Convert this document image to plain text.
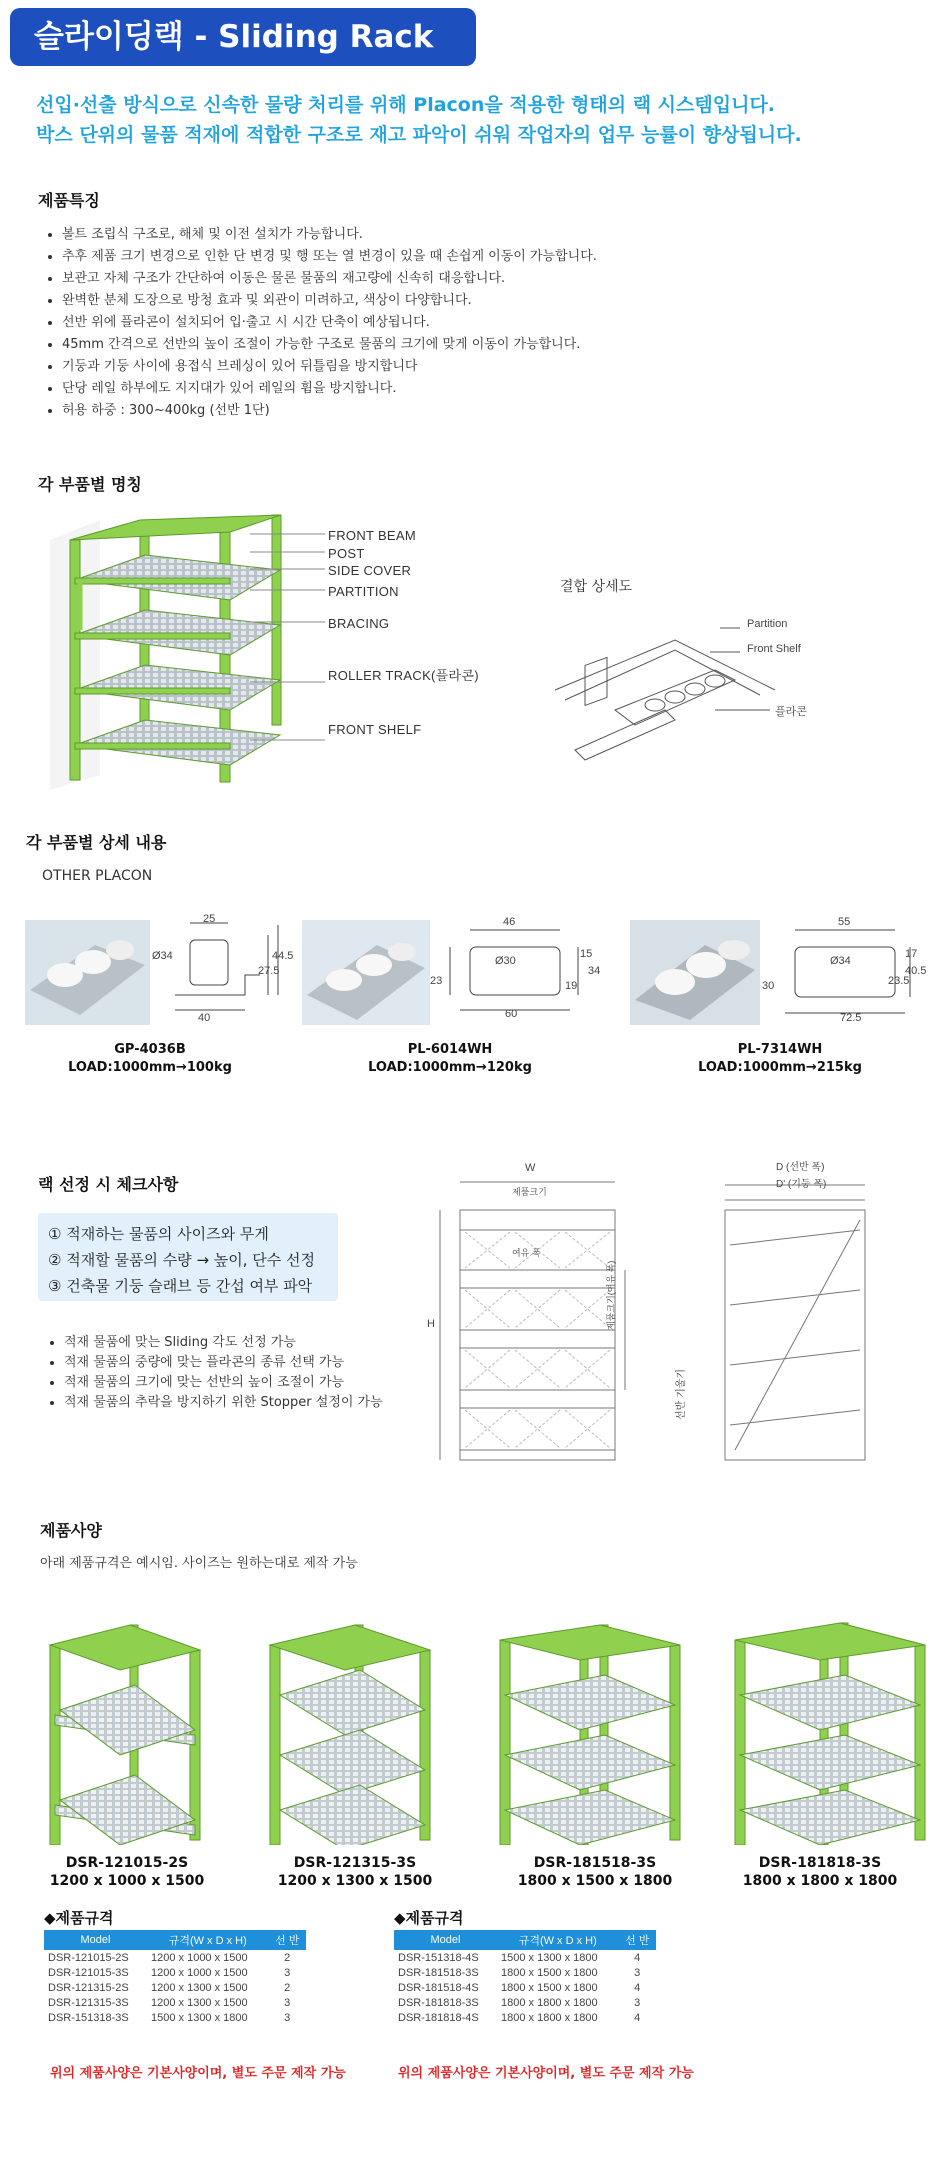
슬라이딩랙 - Sliding Rack
선입·선출 방식으로 신속한 물량 처리를 위해 Placon을 적용한 형태의 랙 시스템입니다.
박스 단위의 물품 적재에 적합한 구조로 재고 파악이 쉬워 작업자의 업무 능률이 향상됩니다.
제품특징
• 볼트 조립식 구조로, 해체 및 이전 설치가 가능합니다.
• 추후 제품 크기 변경으로 인한 단 변경 및 행 또는 열 변경이 있을 때 손쉽게 이동이 가능합니다.
• 보관고 자체 구조가 간단하여 이동은 물론 물품의 재고량에 신속히 대응합니다.
• 완벽한 분체 도장으로 방청 효과 및 외관이 미려하고, 색상이 다양합니다.
• 선반 위에 플라콘이 설치되어 입·출고 시 시간 단축이 예상됩니다.
• 45mm 간격으로 선반의 높이 조절이 가능한 구조로 물품의 크기에 맞게 이동이 가능합니다.
• 기둥과 기둥 사이에 용접식 브레싱이 있어 뒤틀림을 방지합니다
• 단당 레일 하부에도 지지대가 있어 레일의 휨을 방지합니다.
• 허용 하중 : 300~400kg (선반 1단)
각 부품별 명칭
FRONT BEAM
POST
SIDE COVER
PARTITION
BRACING
ROLLER TRACK(플라콘)
FRONT SHELF
결합 상세도
Partition
Front Shelf
플라콘
각 부품별 상세 내용
OTHER PLACON
25
Ø34
27.5
44.5
40
GP-4036B
LOAD:1000mm→100kg
46
23
Ø30
19
15
34
60
PL-6014WH
LOAD:1000mm→120kg
55
30
Ø34
23.5
17
40.5
72.5
PL-7314WH
LOAD:1000mm→215kg
랙 선정 시 체크사항
① 적재하는 물품의 사이즈와 무게
② 적재할 물품의 수량 → 높이, 단수 선정
③ 건축물 기둥 슬래브 등 간섭 여부 파악
• 적재 물품에 맞는 Sliding 각도 선정 가능
• 적재 물품의 중량에 맞는 플라콘의 종류 선택 가능
• 적재 물품의 크기에 맞는 선반의 높이 조절이 가능
• 적재 물품의 추락을 방지하기 위한 Stopper 설정이 가능
W
제품크기
여유 폭
H	제품크기(여유 폭)
D (선반 폭)
D' (기둥 폭)
선반 기울기
제품사양
아래 제품규격은 예시임. 사이즈는 원하는대로 제작 가능
DSR-121015-2S
1200 x 1000 x 1500
DSR-121315-3S
1200 x 1300 x 1500
DSR-181518-3S
1800 x 1500 x 1800
DSR-181818-3S
1800 x 1800 x 1800
◆제품규격
Model	규격(W x D x H)	선 반
DSR-121015-2S	1200 x 1000 x 1500	2
DSR-121015-3S	1200 x 1000 x 1500	3
DSR-121315-2S	1200 x 1300 x 1500	2
DSR-121315-3S	1200 x 1300 x 1500	3
DSR-151318-3S	1500 x 1300 x 1800	3
◆제품규격
Model	규격(W x D x H)	선 반
DSR-151318-4S	1500 x 1300 x 1800	4
DSR-181518-3S	1800 x 1500 x 1800	3
DSR-181518-4S	1800 x 1500 x 1800	4
DSR-181818-3S	1800 x 1800 x 1800	3
DSR-181818-4S	1800 x 1800 x 1800	4
위의 제품사양은 기본사양이며, 별도 주문 제작 가능	위의 제품사양은 기본사양이며, 별도 주문 제작 가능
